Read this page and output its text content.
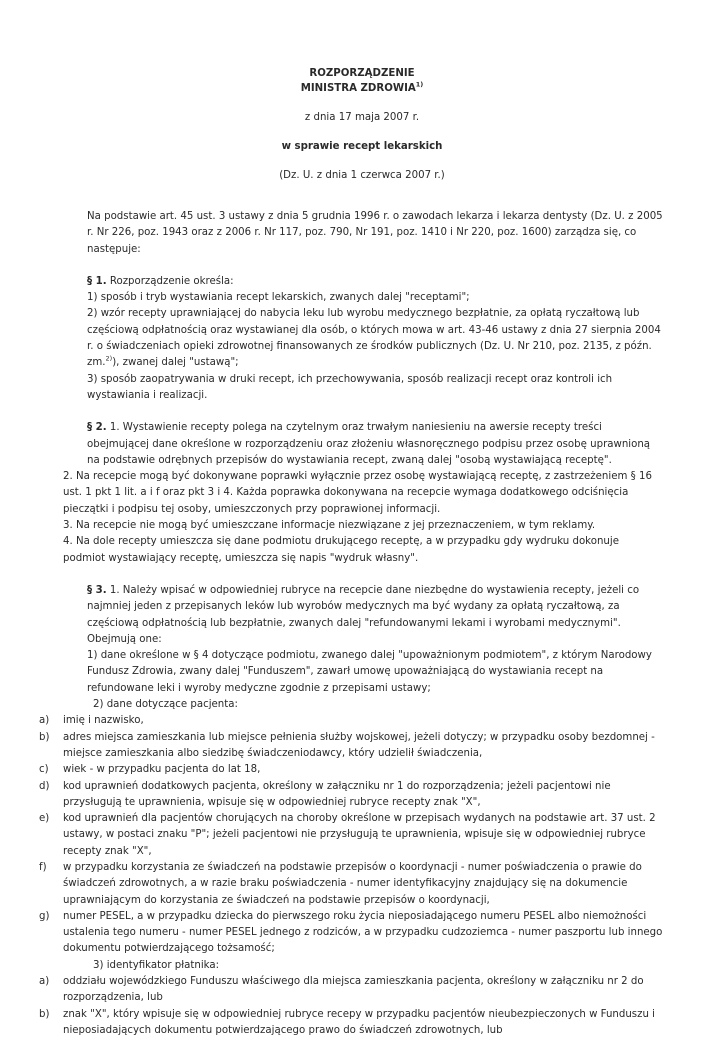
ROZPORZĄDZENIE
MINISTRA ZDROWIA$^{1)}$
z dnia 17 maja 2007 r.
w sprawie recept lekarskich
(Dz. U. z dnia 1 czerwca 2007 r.)

Na podstawie art. 45 ust. 3 ustawy z dnia 5 grudnia 1996 r. o zawodach lekarza i lekarza dentysty (Dz. U. z 2005 r. Nr 226, poz. 1943 oraz z 2006 r. Nr 117, poz. 790, Nr 191, poz. 1410 i Nr 220, poz. 1600) zarządza się, co następuje:

§ 1. Rozporządzenie określa:

1) sposób i tryb wystawiania recept lekarskich, zwanych dalej "receptami";

2) wzór recepty uprawniającej do nabycia leku lub wyrobu medycznego bezpłatnie, za opłatą ryczałtową lub częściową odpłatnością oraz wystawianej dla osób, o których mowa w art. 43-46 ustawy z dnia 27 sierpnia 2004 r. o świadczeniach opieki zdrowotnej finansowanych ze środków publicznych (Dz. U. Nr 210, poz. 2135, z późn. zm.$^{2)}$), zwanej dalej "ustawą";

3) sposób zaopatrywania w druki recept, ich przechowywania, sposób realizacji recept oraz kontroli ich wystawiania i realizacji.

§ 2. 1. Wystawienie recepty polega na czytelnym oraz trwałym naniesieniu na awersie recepty treści obejmującej dane określone w rozporządzeniu oraz złożeniu własnoręcznego podpisu przez osobę uprawnioną na podstawie odrębnych przepisów do wystawiania recept, zwaną dalej "osobą wystawiającą receptę".

2. Na recepcie mogą być dokonywane poprawki wyłącznie przez osobę wystawiającą receptę, z zastrzeżeniem § 16 ust. 1 pkt 1 lit. a i f oraz pkt 3 i 4. Każda poprawka dokonywana na recepcie wymaga dodatkowego odciśnięcia pieczątki i podpisu tej osoby, umieszczonych przy poprawionej informacji.

3. Na recepcie nie mogą być umieszczane informacje niezwiązane z jej przeznaczeniem, w tym reklamy.

4. Na dole recepty umieszcza się dane podmiotu drukującego receptę, a w przypadku gdy wydruku dokonuje podmiot wystawiający receptę, umieszcza się napis "wydruk własny".

§ 3. 1. Należy wpisać w odpowiedniej rubryce na recepcie dane niezbędne do wystawienia recepty, jeżeli co najmniej jeden z przepisanych leków lub wyrobów medycznych ma być wydany za opłatą ryczałtową, za częściową odpłatnością lub bezpłatnie, zwanych dalej "refundowanymi lekami i wyrobami medycznymi". Obejmują one:

1) dane określone w § 4 dotyczące podmiotu, zwanego dalej "upoważnionym podmiotem", z którym Narodowy Fundusz Zdrowia, zwany dalej "Funduszem", zawarł umowę upoważniającą do wystawiania recept na refundowane leki i wyroby medyczne zgodnie z przepisami ustawy;

2) dane dotyczące pacjenta:

a) imię i nazwisko,
b) adres miejsca zamieszkania lub miejsce pełnienia służby wojskowej, jeżeli dotyczy; w przypadku osoby bezdomnej - miejsce zamieszkania albo siedzibę świadczeniodawcy, który udzielił świadczenia,
c) wiek - w przypadku pacjenta do lat 18,
d) kod uprawnień dodatkowych pacjenta, określony w załączniku nr 1 do rozporządzenia; jeżeli pacjentowi nie przysługują te uprawnienia, wpisuje się w odpowiedniej rubryce recepty znak "X",
e) kod uprawnień dla pacjentów chorujących na choroby określone w przepisach wydanych na podstawie art. 37 ust. 2 ustawy, w postaci znaku "P"; jeżeli pacjentowi nie przysługują te uprawnienia, wpisuje się w odpowiedniej rubryce recepty znak "X",
f) w przypadku korzystania ze świadczeń na podstawie przepisów o koordynacji - numer poświadczenia o prawie do świadczeń zdrowotnych, a w razie braku poświadczenia - numer identyfikacyjny znajdujący się na dokumencie uprawniającym do korzystania ze świadczeń na podstawie przepisów o koordynacji,
g) numer PESEL, a w przypadku dziecka do pierwszego roku życia nieposiadającego numeru PESEL albo niemożności ustalenia tego numeru - numer PESEL jednego z rodziców, a w przypadku cudzoziemca - numer paszportu lub innego dokumentu potwierdzającego tożsamość;

3) identyfikator płatnika:

a) oddziału wojewódzkiego Funduszu właściwego dla miejsca zamieszkania pacjenta, określony w załączniku nr 2 do rozporządzenia, lub
b) znak "X", który wpisuje się w odpowiedniej rubryce recepy w przypadku pacjentów nieubezpieczonych w Funduszu i nieposiadających dokumentu potwierdzającego prawo do świadczeń zdrowotnych, lub
